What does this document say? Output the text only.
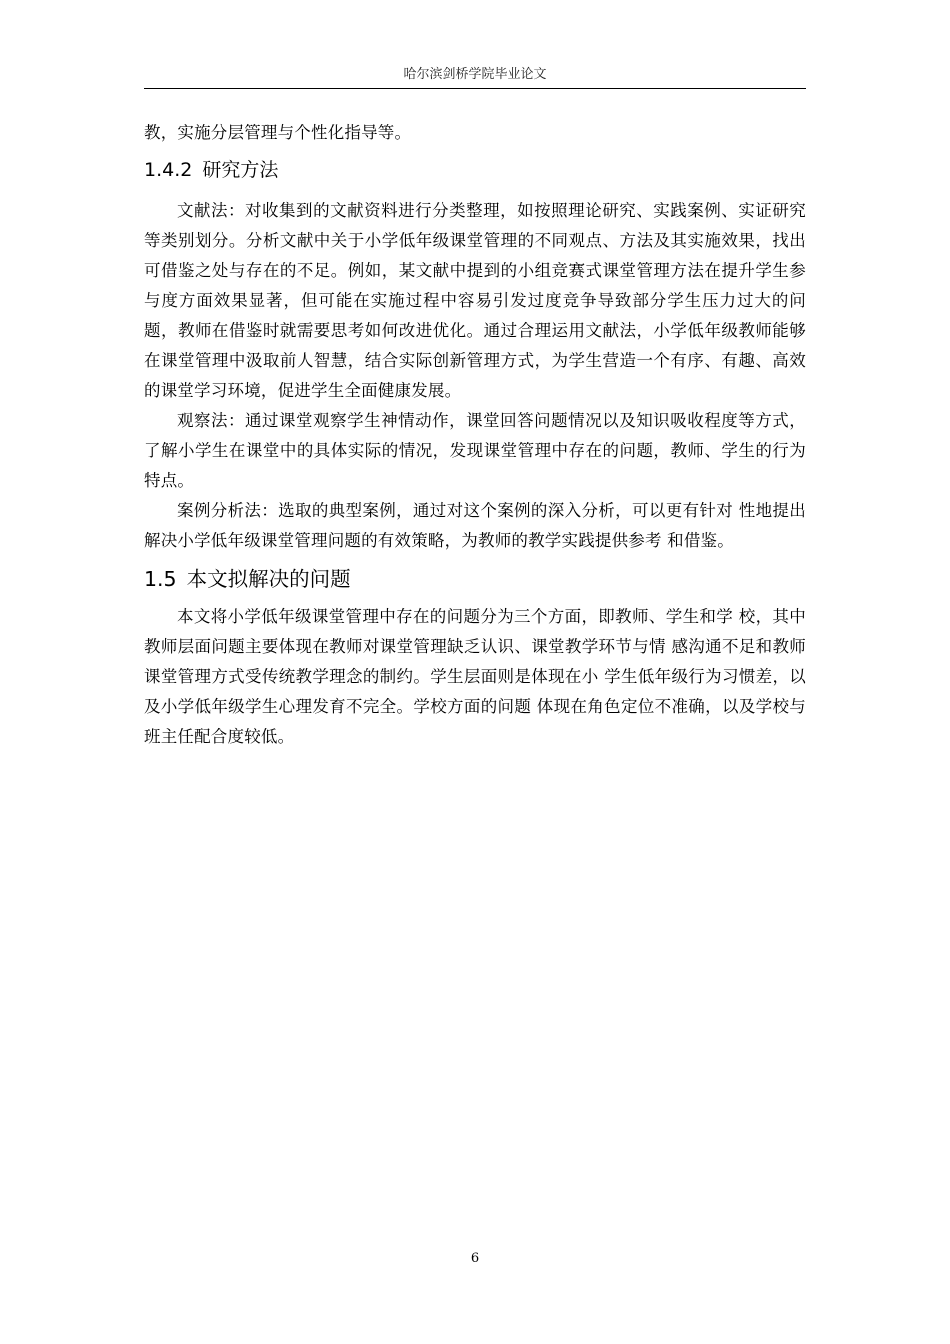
哈尔滨剑桥学院毕业论文

教，实施分层管理与个性化指导等。

1.4.2 研究方法

文献法：对收集到的文献资料进行分类整理，如按照理论研究、实践案例、实证研究等类别划分。分析文献中关于小学低年级课堂管理的不同观点、方法及其实施效果，找出可借鉴之处与存在的不足。例如，某文献中提到的小组竞赛式课堂管理方法在提升学生参与度方面效果显著，但可能在实施过程中容易引发过度竞争导致部分学生压力过大的问题，教师在借鉴时就需要思考如何改进优化。通过合理运用文献法，小学低年级教师能够在课堂管理中汲取前人智慧，结合实际创新管理方式，为学生营造一个有序、有趣、高效的课堂学习环境，促进学生全面健康发展。

观察法：通过课堂观察学生神情动作，课堂回答问题情况以及知识吸收程度等方式，了解小学生在课堂中的具体实际的情况，发现课堂管理中存在的问题，教师、学生的行为特点。

案例分析法：选取的典型案例，通过对这个案例的深入分析，可以更有针对 性地提出解决小学低年级课堂管理问题的有效策略，为教师的教学实践提供参考 和借鉴。

1.5 本文拟解决的问题

本文将小学低年级课堂管理中存在的问题分为三个方面，即教师、学生和学 校，其中教师层面问题主要体现在教师对课堂管理缺乏认识、课堂教学环节与情 感沟通不足和教师课堂管理方式受传统教学理念的制约。学生层面则是体现在小 学生低年级行为习惯差，以及小学低年级学生心理发育不完全。学校方面的问题 体现在角色定位不准确，以及学校与班主任配合度较低。

6
